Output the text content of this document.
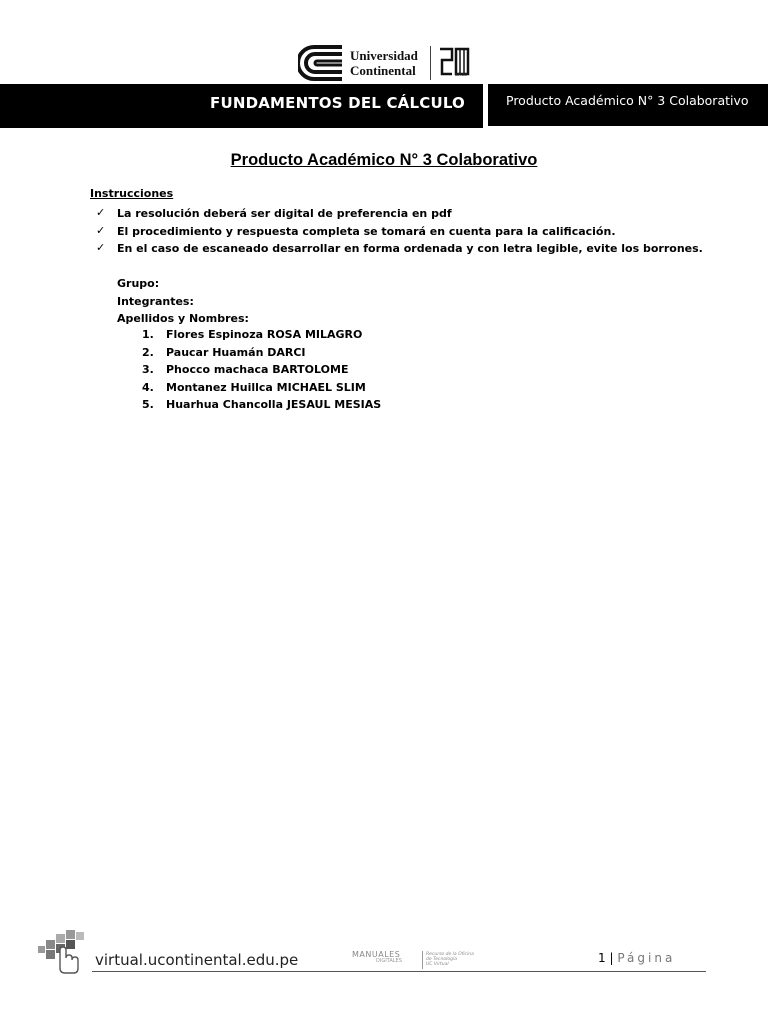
Universidad
Continental	años
FUNDAMENTOS DEL CÁLCULO	Producto Académico N° 3 Colaborativo
Producto Académico N° 3 Colaborativo
Instrucciones
✓ La resolución deberá ser digital de preferencia en pdf
✓ El procedimiento y respuesta completa se tomará en cuenta para la calificación.
✓ En el caso de escaneado desarrollar en forma ordenada y con letra legible, evite los borrones.
Grupo:
Integrantes:
Apellidos y Nombres:
1. Flores Espinoza ROSA MILAGRO
2. Paucar Huamán DARCI
3. Phocco machaca BARTOLOME
4. Montanez Huillca MICHAEL SLIM
5. Huarhua Chancolla JESAUL MESIAS
virtual.ucontinental.edu.pe	MANUALES
DIGITALES
Recurso de la Oficina
de Tecnología
UC Virtual	1 | Página
